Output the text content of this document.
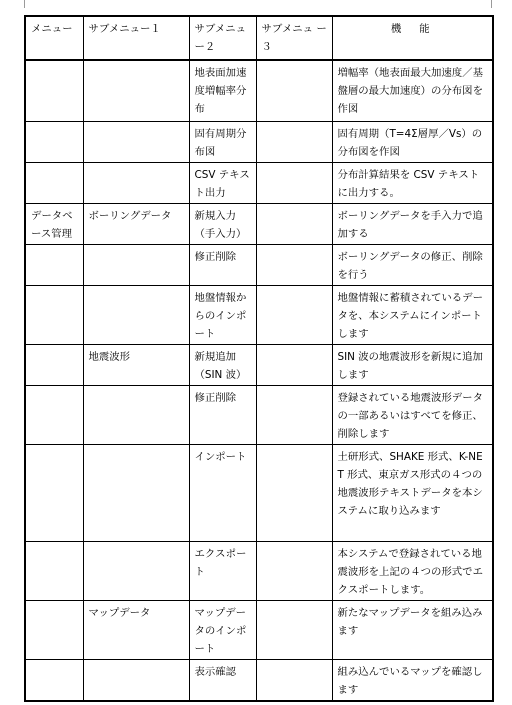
メニュー	サブメニュー１	サブメニュ ー２	サブメニュ ー３	機能
		地表面加速度増幅率分布		増幅率（地表面最大加速度／基盤層の最大加速度）の分布図を作図
		固有周期分布図		固有周期（T=4Σ層厚／Vs）の分布図を作図
		CSV テキスト出力		分布計算結果を CSV テキストに出力する。
データベース管理	ボーリングデータ	新規入力（手入力）		ボーリングデータを手入力で追加する
		修正削除		ボーリングデータの修正、削除を行う
		地盤情報からのインポート		地盤情報に蓄積されているデータを、本システムにインポートします
	地震波形	新規追加（SIN 波）		SIN 波の地震波形を新規に追加します
		修正削除		登録されている地震波形データの一部あるいはすべてを修正、削除します
		インポート		土研形式、SHAKE 形式、K-NET 形式、東京ガス形式の４つの地震波形テキストデータを本システムに取り込みます
		エクスポート		本システムで登録されている地震波形を上記の４つの形式でエクスポートします。
	マップデータ	マップデータのインポート		新たなマップデータを組み込みます
		表示確認		組み込んでいるマップを確認します
